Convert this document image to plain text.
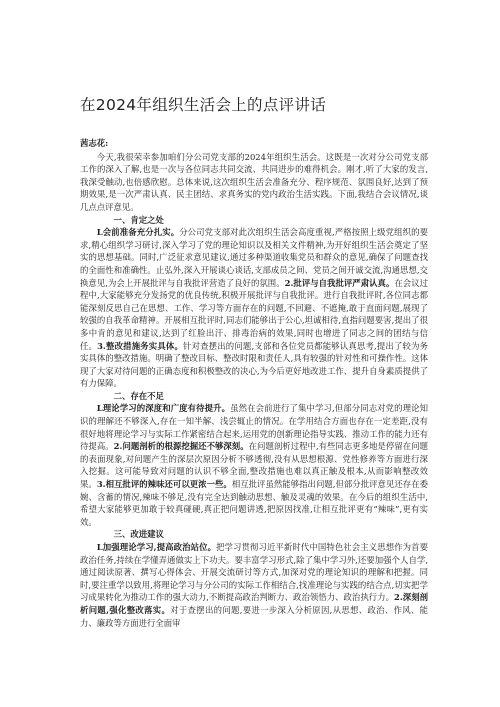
在2024年组织生活会上的点评讲话
茜志花:

今天,我很荣幸参加咱们分公司党支部的2024年组织生活会。这既是一次对分公司党支部工作的深入了解,也是一次与各位同志共同交流、共同进步的难得机会。刚才,听了大家的发言,我深受触动,也倍感欣慰。总体来说,这次组织生活会准备充分、程序规范、氛围良好,达到了预期效果,是一次严肃认真、民主团结、求真务实的党内政治生活实践。下面,我结合会议情况,谈几点点评意见。

一、肯定之处

L会前准备充分扎实。分公司党支部对此次组织生活会高度重视,严格按照上级党组织的要求,精心组织学习研讨,深入学习了党的理论知识以及相关文件精神,为开好组织生活会奠定了坚实的思想基础。同时,广泛征求意见建议,通过多种渠道收集党员和群众的意见,确保了问题查找的全面性和准确性。止弘外,深入开展谈心谈话,支部成员之间、党员之间开诚交流,沟通思想,交换意见,为会上开展批评与自我批评营造了良好的氛围。2.批评与自我批评严肃认真。在会议过程中,大家能够充分发扬党的优良传统,积极开展批评与自我批评。进行自我批评时,各位同志都能深刻反思自己在思想、工作、学习等方面存在的问题,不回避、不遮掩,敢于直面问题,展现了较强的自我革命精神。开展相互批评时,同志们能够出于公心,坦诚相待,直指问题要害,提出了很多中肯的意见和建议,达到了红脸出汗、排毒治病的效果,同时也增进了同志之间的团结与信任。3.整改措施务实具体。针对查摆出的问题,支部和各位党员都能够认真思考,提出了较为务实具体的整改措施。明确了整改目标、整改时限和责任人,具有较强的针对性和可操作性。这体现了大家对待问题的正确态度和积极整改的决心,为今后更好地改进工作、提升自身素质提供了有力保障。

二、存在不足

L理论学习的深度和广度有待提升。虽然在会前进行了集中学习,但部分同志对党的理论知识的理解还不够深入,存在一知半解、浅尝辄止的情况。在学用结合方面也存在一定差距,没有很好地将理论学习与实际工作紧密结合起来,运用党的创新理论指导实践、推动工作的能力还有待提高。2.问题剖析的根源挖掘还不够深刻。在问题剖析过程中,有些同志更多地是停留在问题的表面现象,对问题产生的深层次原因分析不够透彻,没有从思想根源、党性修养等方面进行深入挖掘。这可能导致对问题的认识不够全面,整改措施也难以真正触及根本,从而影响整改效果。3.相互批评的辣味还可以更浓一些。相互批评虽然能够指出问题,但部分批评意见还存在委婉、含蓄的情况,辣味不够足,没有完全达到触动思想、触及灵魂的效果。在今后的组织生活中,希望大家能够更加敢于较真碰硬,真正把问题讲透,把原因找准,让相互批评更有“辣味”,更有实效。

三、改进建议

L加强理论学习,提高政治站位。把学习贯彻习近平新时代中国特色社会主义思想作为首要政治任务,持续在学懂弄通做实上下功夫。要丰富学习形式,除了集中学习外,还要加强个人自学,通过阅读原著、撰写心得体会、开展交流研讨等方式,加深对党的理论知识的理解和把握。同时,要注重学以致用,将理论学习与分公司的实际工作相结合,找准理论与实践的结合点,切实把学习成果转化为推动工作的强大动力,不断提高政治判断力、政治领悟力、政治执行力。2.深刻剖析问题,强化整改落实。对于查摆出的问题,要进一步深入分析原因,从思想、政治、作风、能力、廉政等方面进行全面审
